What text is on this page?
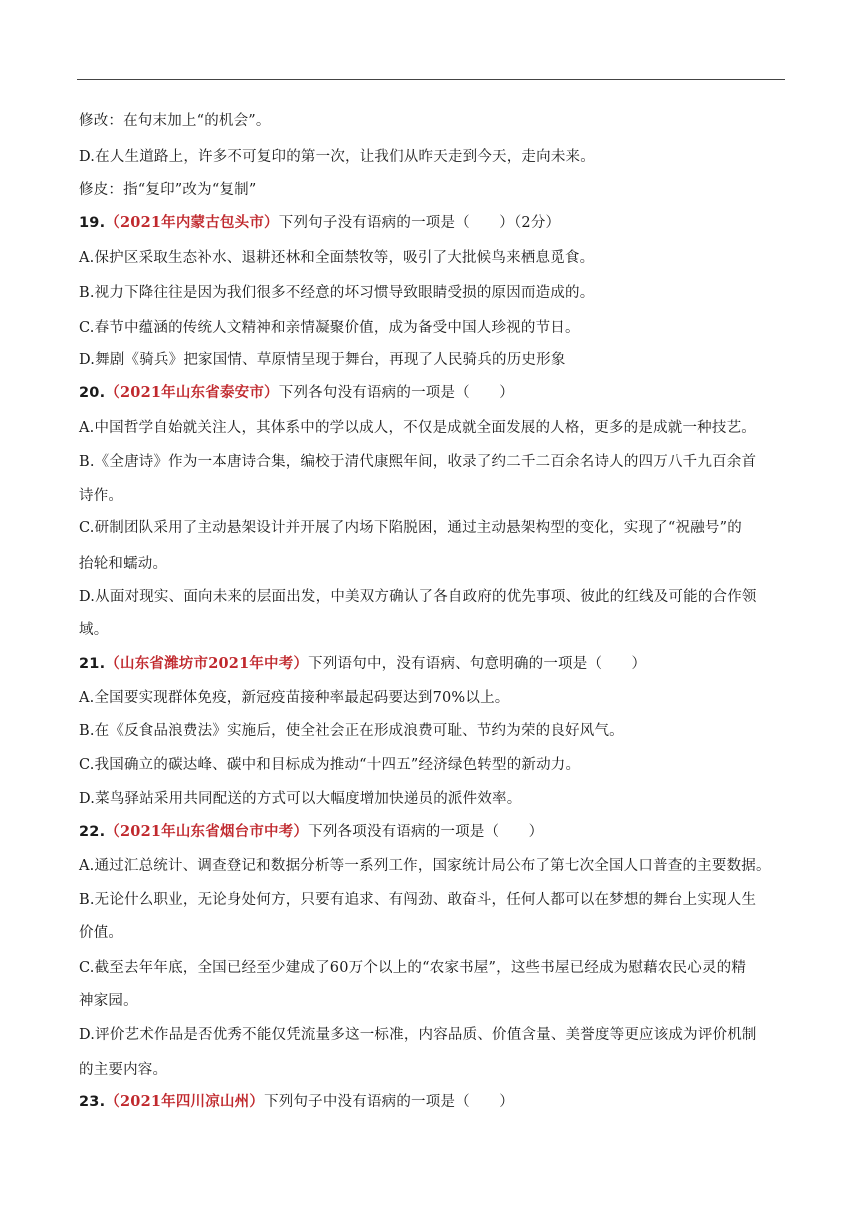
修改：在句末加上“的机会”。
D.在人生道路上，许多不可复印的第一次，让我们从昨天走到今天，走向未来。
修皮：指“复印”改为“复制”
19.（2021年内蒙古包头市）下列句子没有语病的一项是（　　）（2分）
A.保护区采取生态补水、退耕还林和全面禁牧等，吸引了大批候鸟来栖息觅食。
B.视力下降往往是因为我们很多不经意的坏习惯导致眼睛受损的原因而造成的。
C.春节中蕴涵的传统人文精神和亲情凝聚价值，成为备受中国人珍视的节日。
D.舞剧《骑兵》把家国情、草原情呈现于舞台，再现了人民骑兵的历史形象
20.（2021年山东省泰安市）下列各句没有语病的一项是（　　）
A.中国哲学自始就关注人，其体系中的学以成人，不仅是成就全面发展的人格，更多的是成就一种技艺。
B.《全唐诗》作为一本唐诗合集，编校于清代康熙年间，收录了约二千二百余名诗人的四万八千九百余首
诗作。
C.研制团队采用了主动悬架设计并开展了内场下陷脱困，通过主动悬架构型的变化，实现了“祝融号”的
抬轮和蠕动。
D.从面对现实、面向未来的层面出发，中美双方确认了各自政府的优先事项、彼此的红线及可能的合作领
域。
21.（山东省潍坊市2021年中考）下列语句中，没有语病、句意明确的一项是（　　）
A.全国要实现群体免疫，新冠疫苗接种率最起码要达到70%以上。
B.在《反食品浪费法》实施后，使全社会正在形成浪费可耻、节约为荣的良好风气。
C.我国确立的碳达峰、碳中和目标成为推动“十四五”经济绿色转型的新动力。
D.菜鸟驿站采用共同配送的方式可以大幅度增加快递员的派件效率。
22.（2021年山东省烟台市中考）下列各项没有语病的一项是（　　）
A.通过汇总统计、调查登记和数据分析等一系列工作，国家统计局公布了第七次全国人口普查的主要数据。
B.无论什么职业，无论身处何方，只要有追求、有闯劲、敢奋斗，任何人都可以在梦想的舞台上实现人生
价值。
C.截至去年年底，全国已经至少建成了60万个以上的“农家书屋”，这些书屋已经成为慰藉农民心灵的精
神家园。
D.评价艺术作品是否优秀不能仅凭流量多这一标准，内容品质、价值含量、美誉度等更应该成为评价机制
的主要内容。
23.（2021年四川凉山州）下列句子中没有语病的一项是（　　）
